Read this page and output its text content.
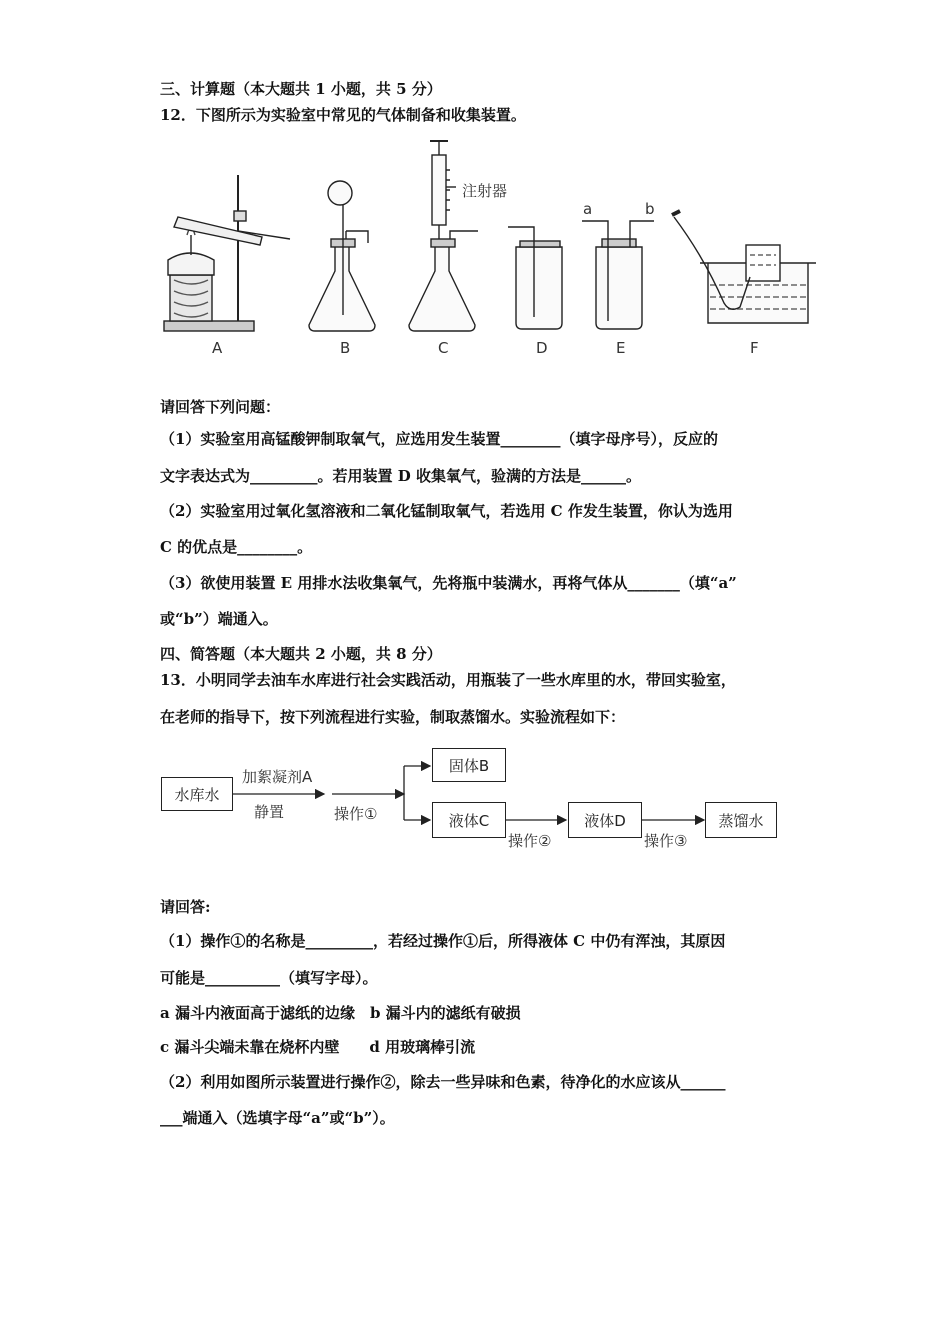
三、计算题（本大题共 1 小题，共 5 分）
12．下图所示为实验室中常见的气体制备和收集装置。
注射器
a	b
A	B	C	D	E	F
请回答下列问题：
（1）实验室用高锰酸钾制取氧气，应选用发生装置________（填字母序号），反应的
文字表达式为_________。若用装置 D 收集氧气，验满的方法是______。
（2）实验室用过氧化氢溶液和二氧化锰制取氧气，若选用 C 作发生装置，你认为选用
C 的优点是________。
（3）欲使用装置 E 用排水法收集氧气，先将瓶中装满水，再将气体从_______（填“a”
或“b”）端通入。
四、简答题（本大题共 2 小题，共 8 分）
13．小明同学去油车水库进行社会实践活动，用瓶装了一些水库里的水，带回实验室，
在老师的指导下，按下列流程进行实验，制取蒸馏水。实验流程如下：
水库水
加絮凝剂A
静置	操作①
固体B
液体C
操作②
液体D
操作③
蒸馏水
请回答:
（1）操作①的名称是_________，若经过操作①后，所得液体 C 中仍有浑浊，其原因
可能是__________（填写字母）。
a 漏斗内液面高于滤纸的边缘　b 漏斗内的滤纸有破损
c 漏斗尖端未靠在烧杯内壁　　d 用玻璃棒引流
（2）利用如图所示装置进行操作②，除去一些异味和色素，待净化的水应该从______
___端通入（选填字母“a”或“b”）。
